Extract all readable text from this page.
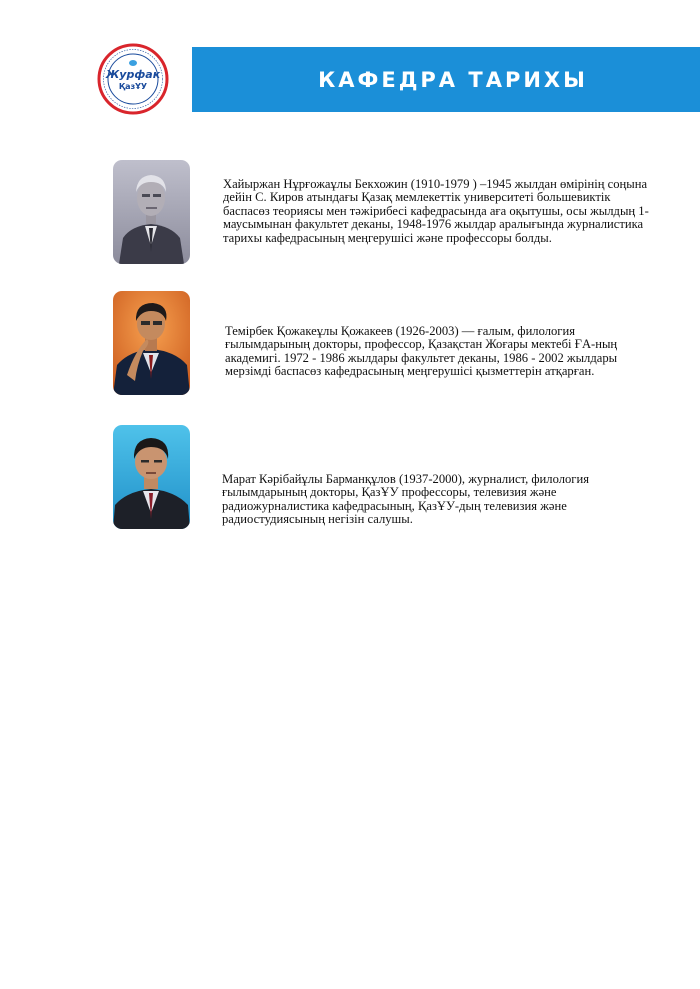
Журфак
ҚазҰУ	КАФЕДРА ТАРИХЫ

Хайыржан Нұрғожаұлы Бекхожин (1910-1979 ) –1945 жылдан өмірінің соңына дейін С. Киров атындағы Қазақ мемлекеттік университеті большевиктік баспасөз теориясы мен тәжірибесі кафедрасында аға оқытушы, осы жылдың 1-маусымынан факультет деканы, 1948-1976 жылдар аралығында журналистика тарихы кафедрасының меңгерушісі және профессоры болды.

Темірбек Қожакеұлы Қожакеев (1926-2003) — ғалым, филология ғылымдарының докторы, профессор, Қазақстан Жоғары мектебі ҒА-ның академигі. 1972 - 1986 жылдары факультет деканы, 1986 - 2002 жылдары мерзімді баспасөз кафедрасының меңгерушісі қызметтерін атқарған.

Марат Кәрібайұлы Барманқұлов (1937-2000), журналист, филология ғылымдарының докторы, ҚазҰУ профессоры, телевизия және радиожурналистика кафедрасының, ҚазҰУ-дың телевизия және радиостудиясының негізін салушы.
